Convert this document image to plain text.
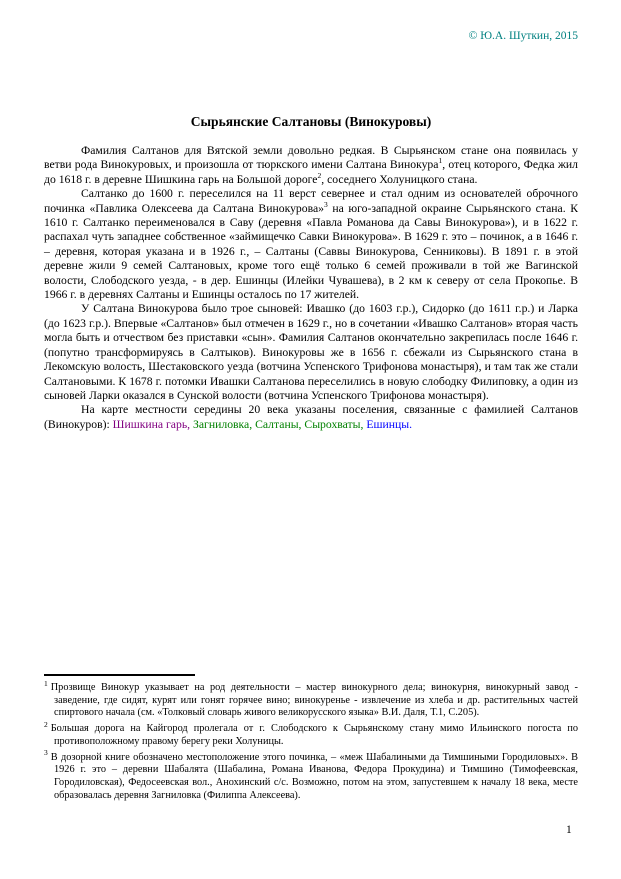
© Ю.А. Шуткин, 2015
Сырьянские Салтановы (Винокуровы)

Фамилия Салтанов для Вятской земли довольно редкая. В Сырьянском стане она появилась у ветви рода Винокуровых, и произошла от тюркского имени Салтана Винокура$^1$, отец которого, Федка жил до 1618 г. в деревне Шишкина гарь на Большой дороге$^2$, соседнего Холуницкого стана.

Салтанко до 1600 г. переселился на 11 верст севернее и стал одним из основателей оброчного починка «Павлика Олексеева да Салтана Винокурова»$^3$ на юго-западной окраине Сырьянского стана. К 1610 г. Салтанко переименовался в Саву (деревня «Павла Романова да Савы Винокурова»), и в 1622 г. распахал чуть западнее собственное «займищечко Савки Винокурова». В 1629 г. это – починок, а в 1646 г. – деревня, которая указана и в 1926 г., – Салтаны (Саввы Винокурова, Сенниковы). В 1891 г. в этой деревне жили 9 семей Салтановых, кроме того ещё только 6 семей проживали в той же Вагинской волости, Слободского уезда, - в дер. Ешинцы (Илейки Чувашева), в 2 км к северу от села Прокопье. В 1966 г. в деревнях Салтаны и Ешинцы осталось по 17 жителей.

У Салтана Винокурова было трое сыновей: Ивашко (до 1603 г.р.), Сидорко (до 1611 г.р.) и Ларка (до 1623 г.р.). Впервые «Салтанов» был отмечен в 1629 г., но в сочетании «Ивашко Салтанов» вторая часть могла быть и отчеством без приставки «сын». Фамилия Салтанов окончательно закрепилась после 1646 г. (попутно трансформируясь в Салтыков). Винокуровы же в 1656 г. сбежали из Сырьянского стана в Лекомскую волость, Шестаковского уезда (вотчина Успенского Трифонова монастыря), и там так же стали Салтановыми. К 1678 г. потомки Ивашки Салтанова переселились в новую слободку Филиповку, а один из сыновей Ларки оказался в Сунской волости (вотчина Успенского Трифонова монастыря).

На карте местности середины 20 века указаны поселения, связанные с фамилией Салтанов (Винокуров): Шишкина гарь, Загниловка, Салтаны, Сырохваты, Ешинцы.

$^1$ Прозвище Винокур указывает на род деятельности – мастер винокурного дела; винокурня, винокурный завод - заведение, где сидят, курят или гонят горячее вино; винокуренье - извлечение из хлеба и др. растительных частей спиртового начала (см. «Толковый словарь живого великорусского языка» В.И. Даля, Т.1, С.205).
$^2$ Большая дорога на Кайгород пролегала от г. Слободского к Сырьянскому стану мимо Ильинского погоста по противоположному правому берегу реки Холуницы.
$^3$ В дозорной книге обозначено местоположение этого починка, – «меж Шабалиными да Тимшиными Городиловых». В 1926 г. это – деревни Шабалята (Шабалина, Романа Иванова, Федора Прокудина) и Тимшино (Тимофеевская, Городиловская), Федосеевская вол., Анохинский с/с. Возможно, потом на этом, запустевшем к началу 18 века, месте образовалась деревня Загниловка (Филиппа Алексеева).
1
